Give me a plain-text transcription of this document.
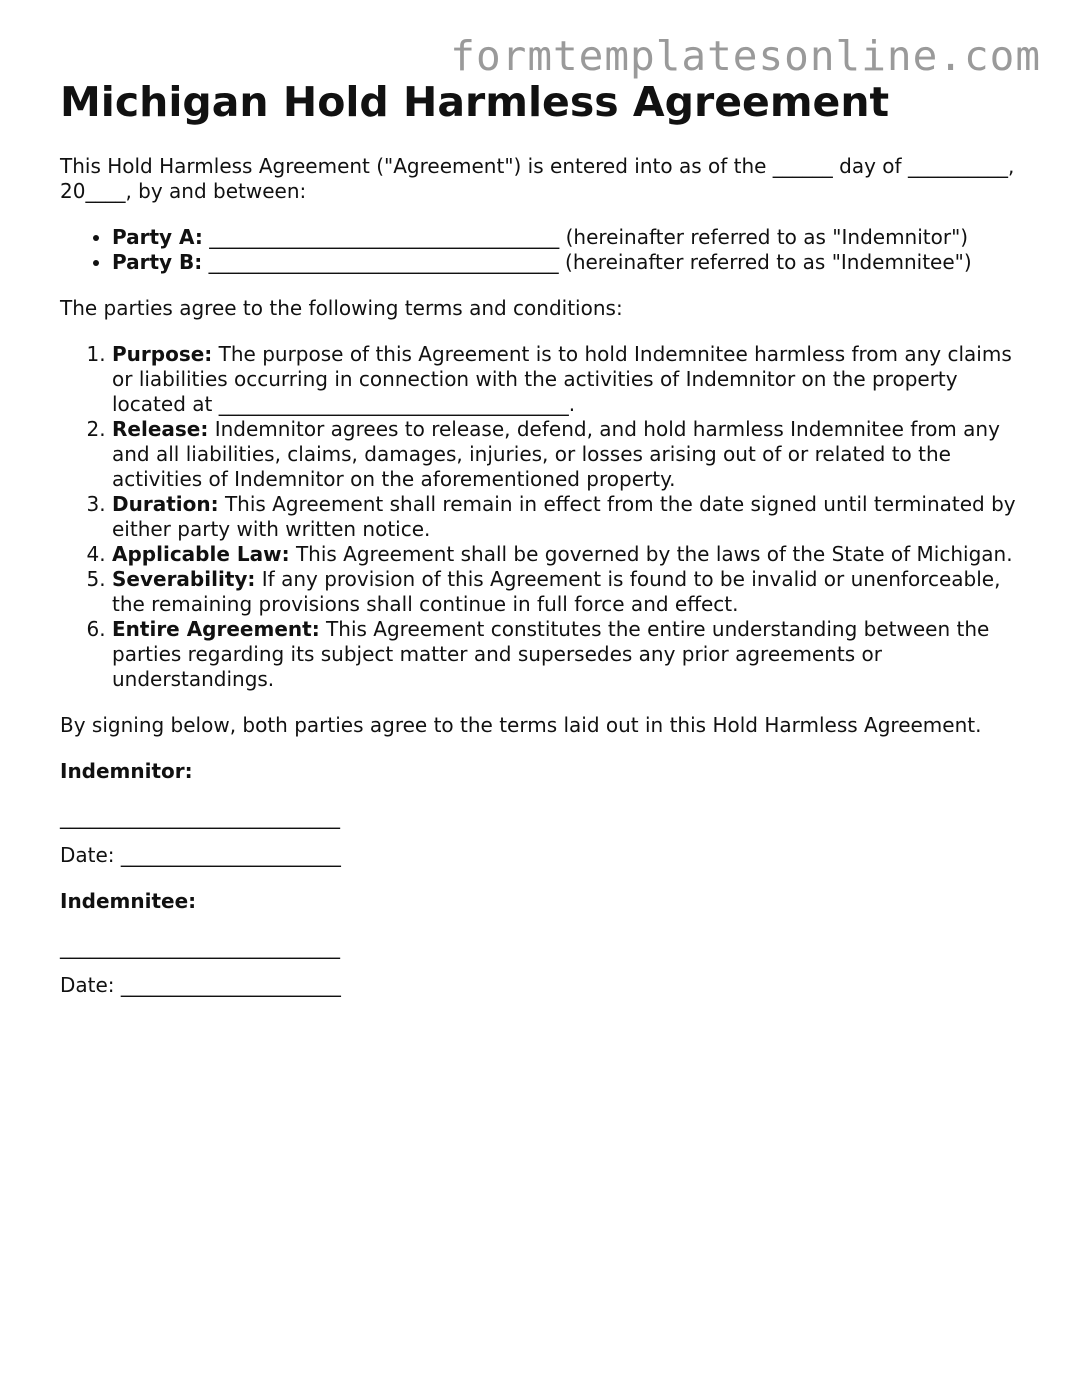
formtemplatesonline.com
Michigan Hold Harmless Agreement

This Hold Harmless Agreement ("Agreement") is entered into as of the ______ day of __________, 20____, by and between:

• Party A: ___________________________________ (hereinafter referred to as "Indemnitor")
• Party B: ___________________________________ (hereinafter referred to as "Indemnitee")

The parties agree to the following terms and conditions:

1. Purpose: The purpose of this Agreement is to hold Indemnitee harmless from any claims or liabilities occurring in connection with the activities of Indemnitor on the property located at ___________________________________.
2. Release: Indemnitor agrees to release, defend, and hold harmless Indemnitee from any and all liabilities, claims, damages, injuries, or losses arising out of or related to the activities of Indemnitor on the aforementioned property.
3. Duration: This Agreement shall remain in effect from the date signed until terminated by either party with written notice.
4. Applicable Law: This Agreement shall be governed by the laws of the State of Michigan.
5. Severability: If any provision of this Agreement is found to be invalid or unenforceable, the remaining provisions shall continue in full force and effect.
6. Entire Agreement: This Agreement constitutes the entire understanding between the parties regarding its subject matter and supersedes any prior agreements or understandings.

By signing below, both parties agree to the terms laid out in this Hold Harmless Agreement.

Indemnitor:

____________________________

Date: ______________________

Indemnitee:

____________________________

Date: ______________________
